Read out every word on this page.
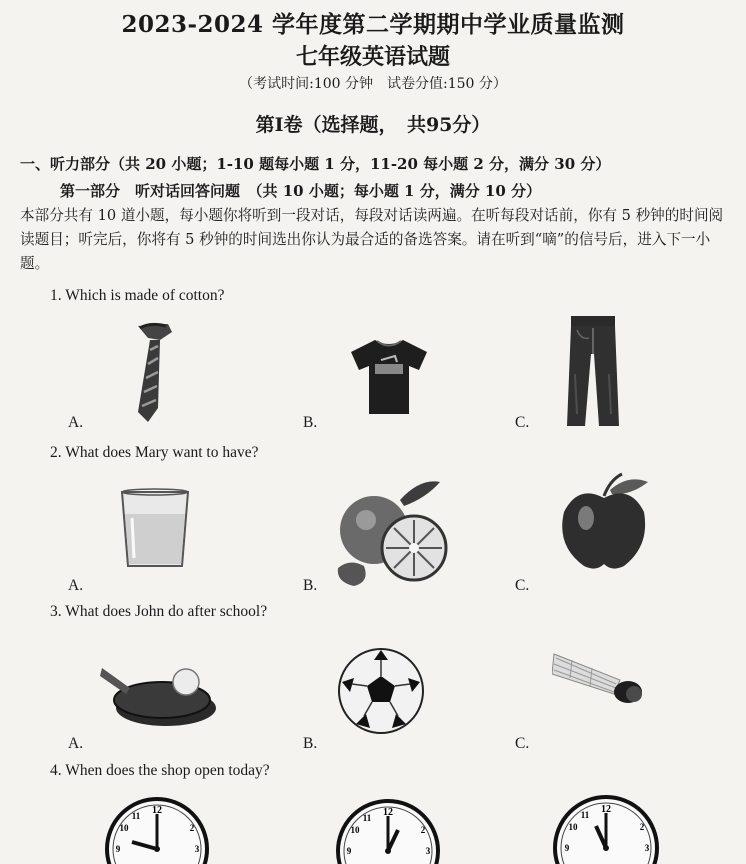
2023-2024 学年度第二学期期中学业质量监测
七年级英语试题
（考试时间:100 分钟　试卷分值:150 分）
第Ⅰ卷（选择题，　共95分）
一、听力部分（共 20 小题；1-10 题每小题 1 分，11-20 每小题 2 分，满分 30 分）
第一部分　听对话回答问题　（共 10 小题；每小题 1 分，满分 10 分）
本部分共有 10 道小题，每小题你将听到一段对话，每段对话读两遍。在听每段对话前，你有 5 秒钟的时间阅读题目；听完后，你将有 5 秒钟的时间选出你认为最合适的备选答案。请在听到“嘀”的信号后，进入下一小题。
1. Which is made of cotton?
A.	B.	C.
2. What does Mary want to have?
A.	B.	C.
3. What does John do after school?
A.	B.	C.
4. When does the shop open today?
12
11
10
9
2
3
12
11
10
9
2
3
12
11
10
9
2
3
